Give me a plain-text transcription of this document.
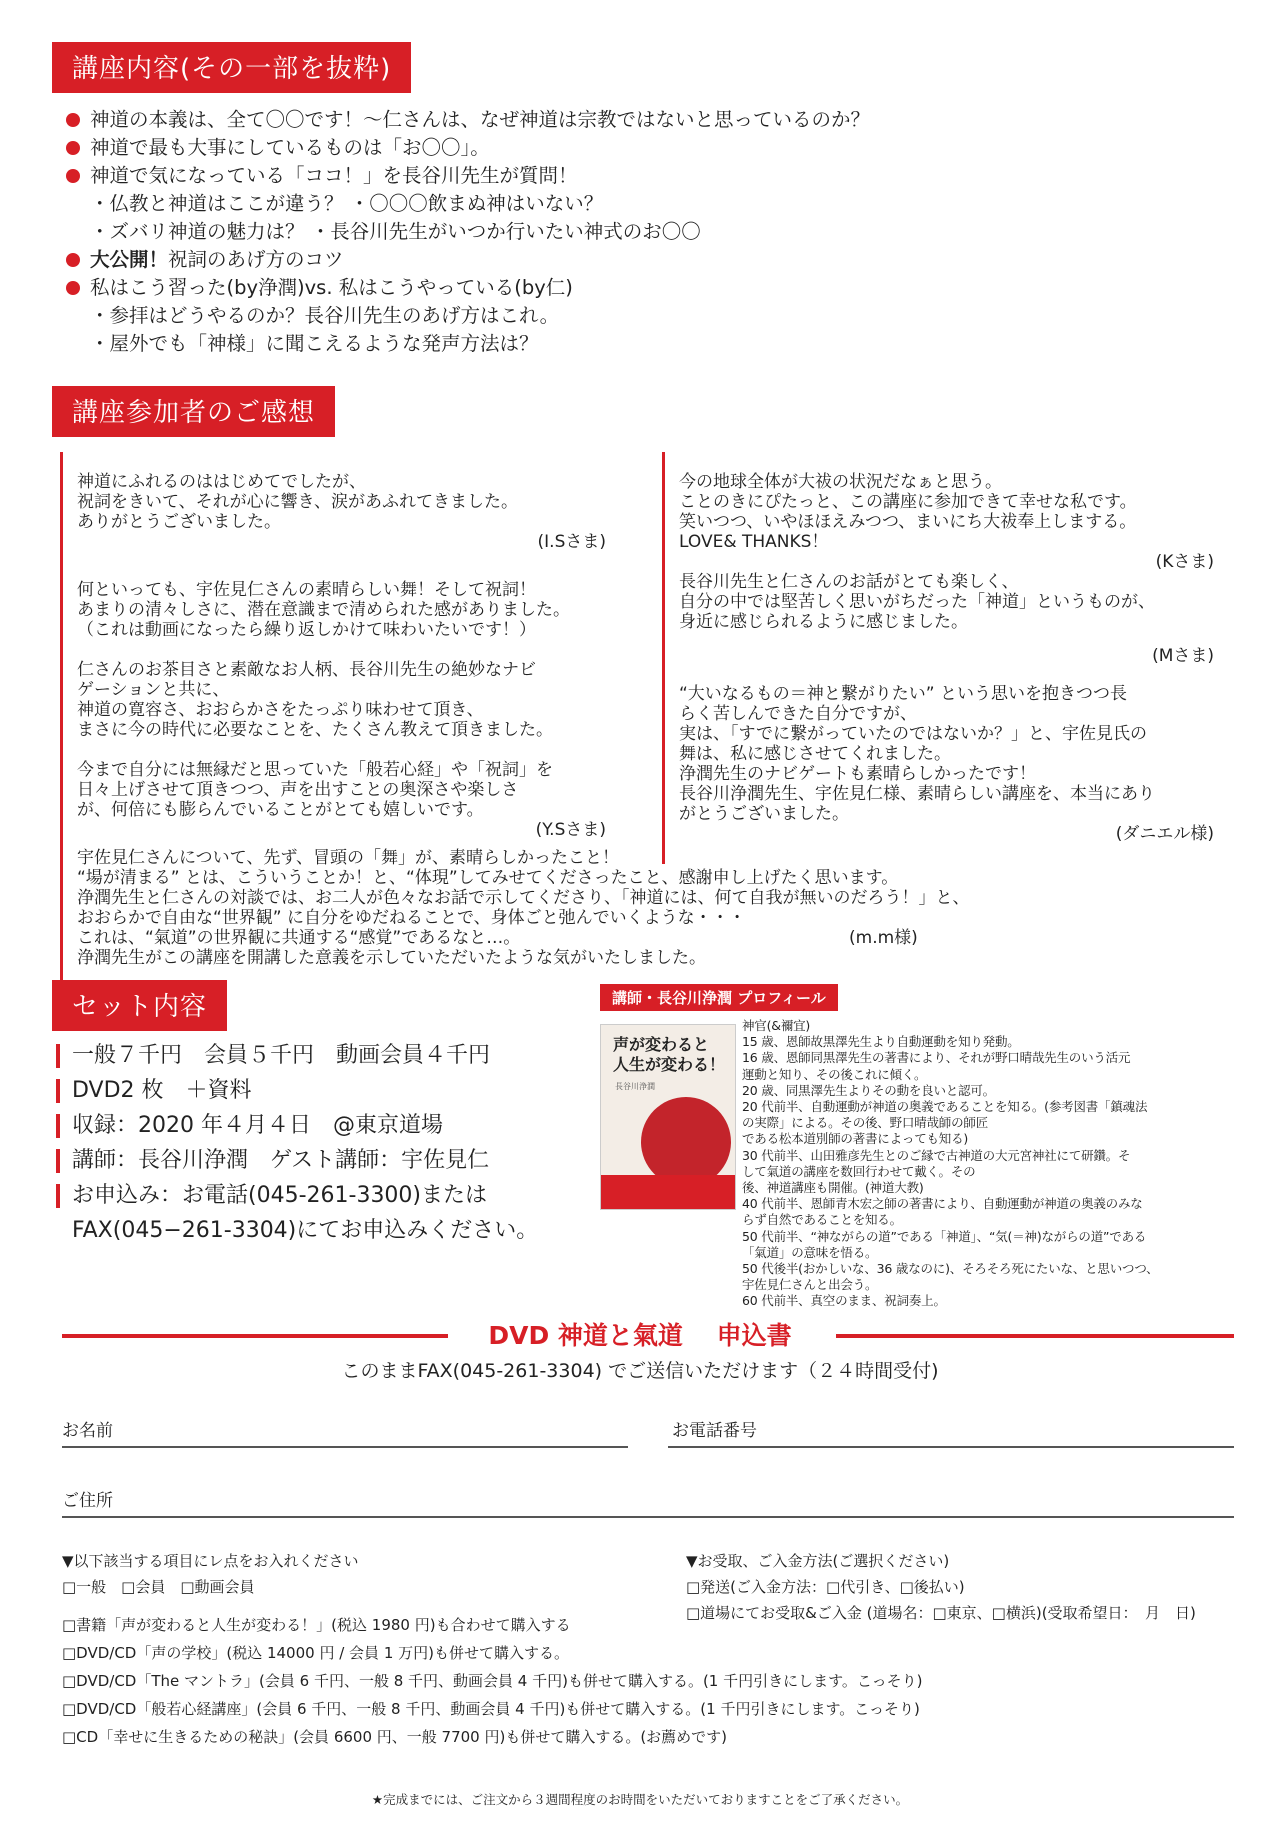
講座内容(その一部を抜粋)
神道の本義は、全て〇〇です！〜仁さんは、なぜ神道は宗教ではないと思っているのか？
神道で最も大事にしているものは「お〇〇」。
神道で気になっている「ココ！」を長谷川先生が質問！
・ 仏教と神道はここが違う？ ・〇〇〇飲まぬ神はいない？
・ ズバリ神道の魅力は？ ・長谷川先生がいつか行いたい神式のお〇〇
大公開！祝詞のあげ方のコツ
私はこう習った(by浄潤)vs. 私はこうやっている(by仁)
・ 参拝はどうやるのか？長谷川先生のあげ方はこれ。
・ 屋外でも「神様」に聞こえるような発声方法は？
講座参加者のご感想

神道にふれるのははじめてでしたが、
祝詞をきいて、それが心に響き、涙があふれてきました。
ありがとうございました。

(I.Sさま)

何といっても、宇佐見仁さんの素晴らしい舞！そして祝詞！
あまりの清々しさに、潜在意識まで清められた感がありました。
（これは動画になったら繰り返しかけて味わいたいです！）

仁さんのお茶目さと素敵なお人柄、長谷川先生の絶妙なナビ
ゲーションと共に、
神道の寛容さ、おおらかさをたっぷり味わせて頂き、
まさに今の時代に必要なことを、たくさん教えて頂きました。

今まで自分には無縁だと思っていた「般若心経」や「祝詞」を
日々上げさせて頂きつつ、声を出すことの奥深さや楽しさ
が、何倍にも膨らんでいることがとても嬉しいです。

(Y.Sさま)

今の地球全体が大祓の状況だなぁと思う。
ことのきにぴたっと、この講座に参加できて幸せな私です。
笑いつつ、いやほほえみつつ、まいにち大祓奉上しまする。
LOVE& THANKS！

(Kさま)

長谷川先生と仁さんのお話がとても楽しく、
自分の中では堅苦しく思いがちだった「神道」というものが、
身近に感じられるように感じました。

(Mさま)

“大いなるもの＝神と繋がりたい” という思いを抱きつつ長
らく苦しんできた自分ですが、
実は、「すでに繋がっていたのではないか？」と、宇佐見氏の
舞は、私に感じさせてくれました。
浄潤先生のナビゲートも素晴らしかったです！
長谷川浄潤先生、宇佐見仁様、素晴らしい講座を、本当にあり
がとうございました。

(ダニエル様)

宇佐見仁さんについて、先ず、冒頭の「舞」が、素晴らしかったこと！
“場が清まる” とは、こういうことか！と、“体現”してみせてくださったこと、感謝申し上げたく思います。
浄潤先生と仁さんの対談では、お二人が色々なお話で示してくださり、「神道には、何て自我が無いのだろう！」と、
おおらかで自由な“世界観” に自分をゆだねることで、身体ごと弛んでいくような・・・
これは、“氣道”の世界観に共通する“感覚”であるなと…。
浄潤先生がこの講座を開講した意義を示していただいたような気がいたしました。

(m.m様)

セット内容
一般７千円　会員５千円　動画会員４千円
DVD2 枚　＋資料
収録：2020 年４月４日　@東京道場
講師：長谷川浄潤　ゲスト講師：宇佐見仁
お申込み：お電話(045-261-3300)または
FAX(045−261-3304)にてお申込みください。
講師・長谷川浄潤 プロフィール
声が変わると
人生が変わる！
長谷川浄潤
神官(&禰宜)
15 歳、恩師故黒澤先生より自動運動を知り発動。
16 歳、恩師同黒澤先生の著書により、それが野口晴哉先生のいう活元
運動と知り、その後これに傾く。
20 歳、同黒澤先生よりその動を良いと認可。
20 代前半、自動運動が神道の奥義であることを知る。(参考図書「鎮魂法
の実際」による。その後、野口晴哉師の師匠
である松本道別師の著書によっても知る)
30 代前半、山田雅彦先生とのご縁で古神道の大元宮神社にて研鑽。そ
して氣道の講座を数回行わせて戴く。その
後、神道講座も開催。(神道大教)
40 代前半、恩師青木宏之師の著書により、自動運動が神道の奥義のみな
らず自然であることを知る。
50 代前半、“神ながらの道”である「神道」、“気(＝神)ながらの道”である
「氣道」の意味を悟る。
50 代後半(おかしいな、36 歳なのに)、そろそろ死にたいな、と思いつつ、
宇佐見仁さんと出会う。
60 代前半、真空のまま、祝詞奏上。
DVD 神道と氣道　 申込書
このままFAX(045-261-3304) でご送信いただけます（２４時間受付)
お名前	お電話番号
ご住所
▼以下該当する項目にレ点をお入れください
□一般　□会員　□動画会員
▼お受取、ご入金方法(ご選択ください)
□発送(ご入金方法：□代引き、□後払い)
□道場にてお受取&ご入金 (道場名：□東京、□横浜)(受取希望日：　月　日)
□書籍「声が変わると人生が変わる！」(税込 1980 円)も合わせて購入する
□DVD/CD「声の学校」(税込 14000 円 / 会員 1 万円)も併せて購入する。
□DVD/CD「The マントラ」(会員 6 千円、一般 8 千円、動画会員 4 千円)も併せて購入する。(1 千円引きにします。こっそり)
□DVD/CD「般若心経講座」(会員 6 千円、一般 8 千円、動画会員 4 千円)も併せて購入する。(1 千円引きにします。こっそり)
□CD「幸せに生きるための秘訣」(会員 6600 円、一般 7700 円)も併せて購入する。(お薦めです)
★完成までには、ご注文から３週間程度のお時間をいただいておりますことをご了承ください。
